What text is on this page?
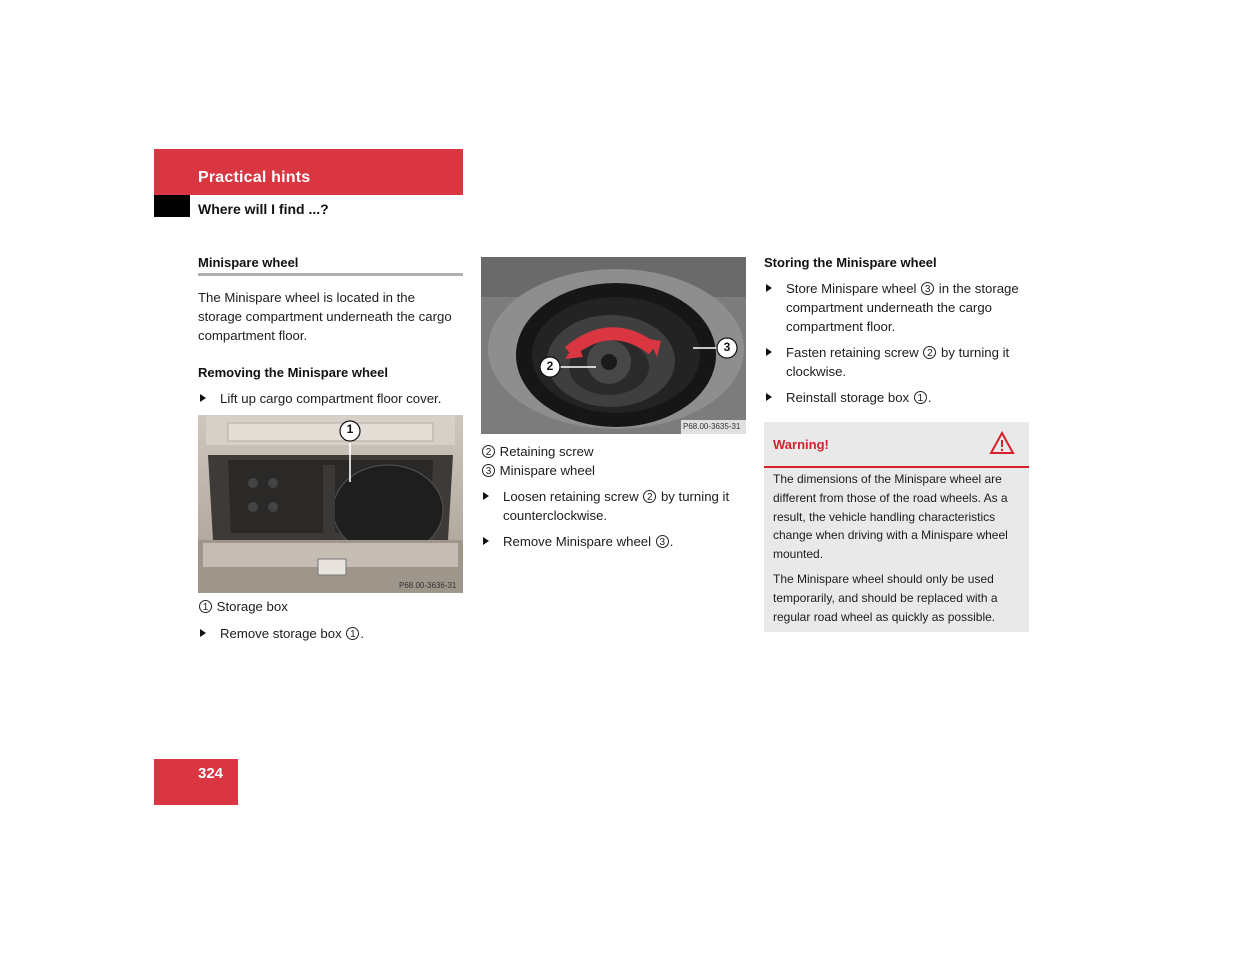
Practical hints
Where will I find ...?
Minispare wheel
The Minispare wheel is located in the storage compartment underneath the cargo compartment floor.
Removing the Minispare wheel
Lift up cargo compartment floor cover.
1
P68.00-3636-31
1 Storage box
Remove storage box 1 .
2
3
P68.00-3635-31
2 Retaining screw
3 Minispare wheel
Loosen retaining screw 2 by turning it counterclockwise.
Remove Minispare wheel 3 .
Storing the Minispare wheel
Store Minispare wheel 3 in the storage compartment underneath the cargo compartment floor.
Fasten retaining screw 2 by turning it clockwise.
Reinstall storage box 1 .
Warning!
The dimensions of the Minispare wheel are different from those of the road wheels. As a result, the vehicle handling characteristics change when driving with a Minispare wheel mounted.
The Minispare wheel should only be used temporarily, and should be replaced with a regular road wheel as quickly as possible.
324
